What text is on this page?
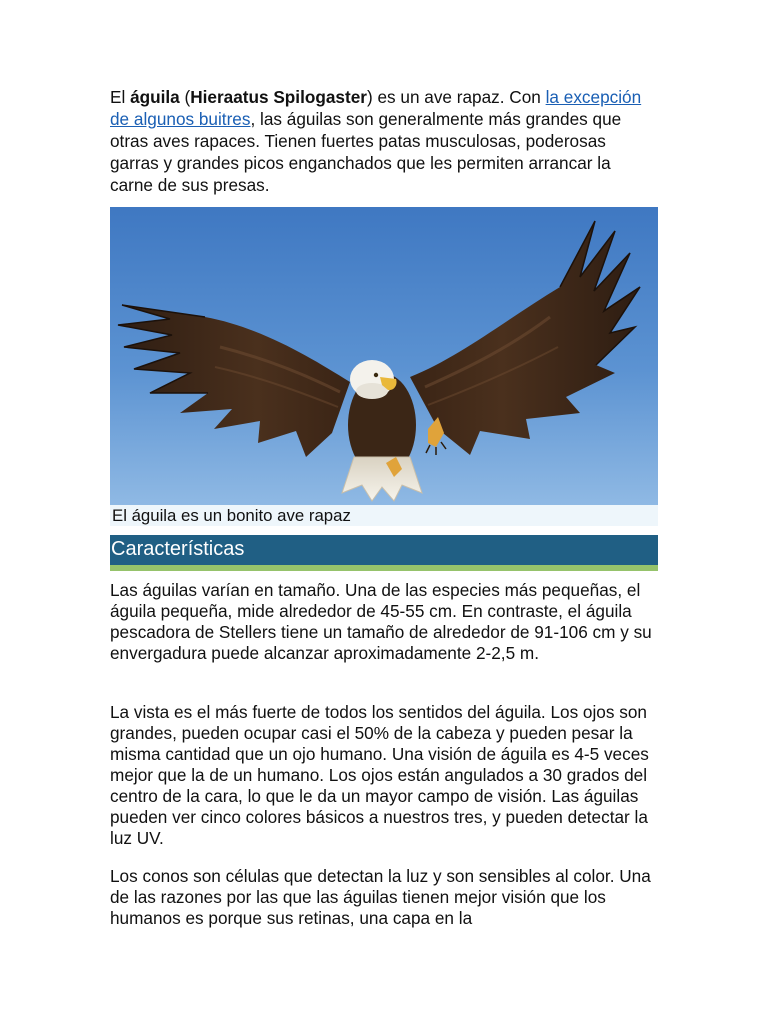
El águila (Hieraatus Spilogaster) es un ave rapaz. Con la excepción de algunos buitres, las águilas son generalmente más grandes que otras aves rapaces. Tienen fuertes patas musculosas, poderosas garras y grandes picos enganchados que les permiten arrancar la carne de sus presas.

El águila es un bonito ave rapaz
Características

Las águilas varían en tamaño. Una de las especies más pequeñas, el águila pequeña, mide alrededor de 45-55 cm. En contraste, el águila pescadora de Stellers tiene un tamaño de alrededor de 91-106 cm y su envergadura puede alcanzar aproximadamente 2-2,5 m.

La vista es el más fuerte de todos los sentidos del águila. Los ojos son grandes, pueden ocupar casi el 50% de la cabeza y pueden pesar la misma cantidad que un ojo humano. Una visión de águila es 4-5 veces mejor que la de un humano. Los ojos están angulados a 30 grados del centro de la cara, lo que le da un mayor campo de visión. Las águilas pueden ver cinco colores básicos a nuestros tres, y pueden detectar la luz UV.

Los conos son células que detectan la luz y son sensibles al color. Una de las razones por las que las águilas tienen mejor visión que los humanos es porque sus retinas, una capa en la
